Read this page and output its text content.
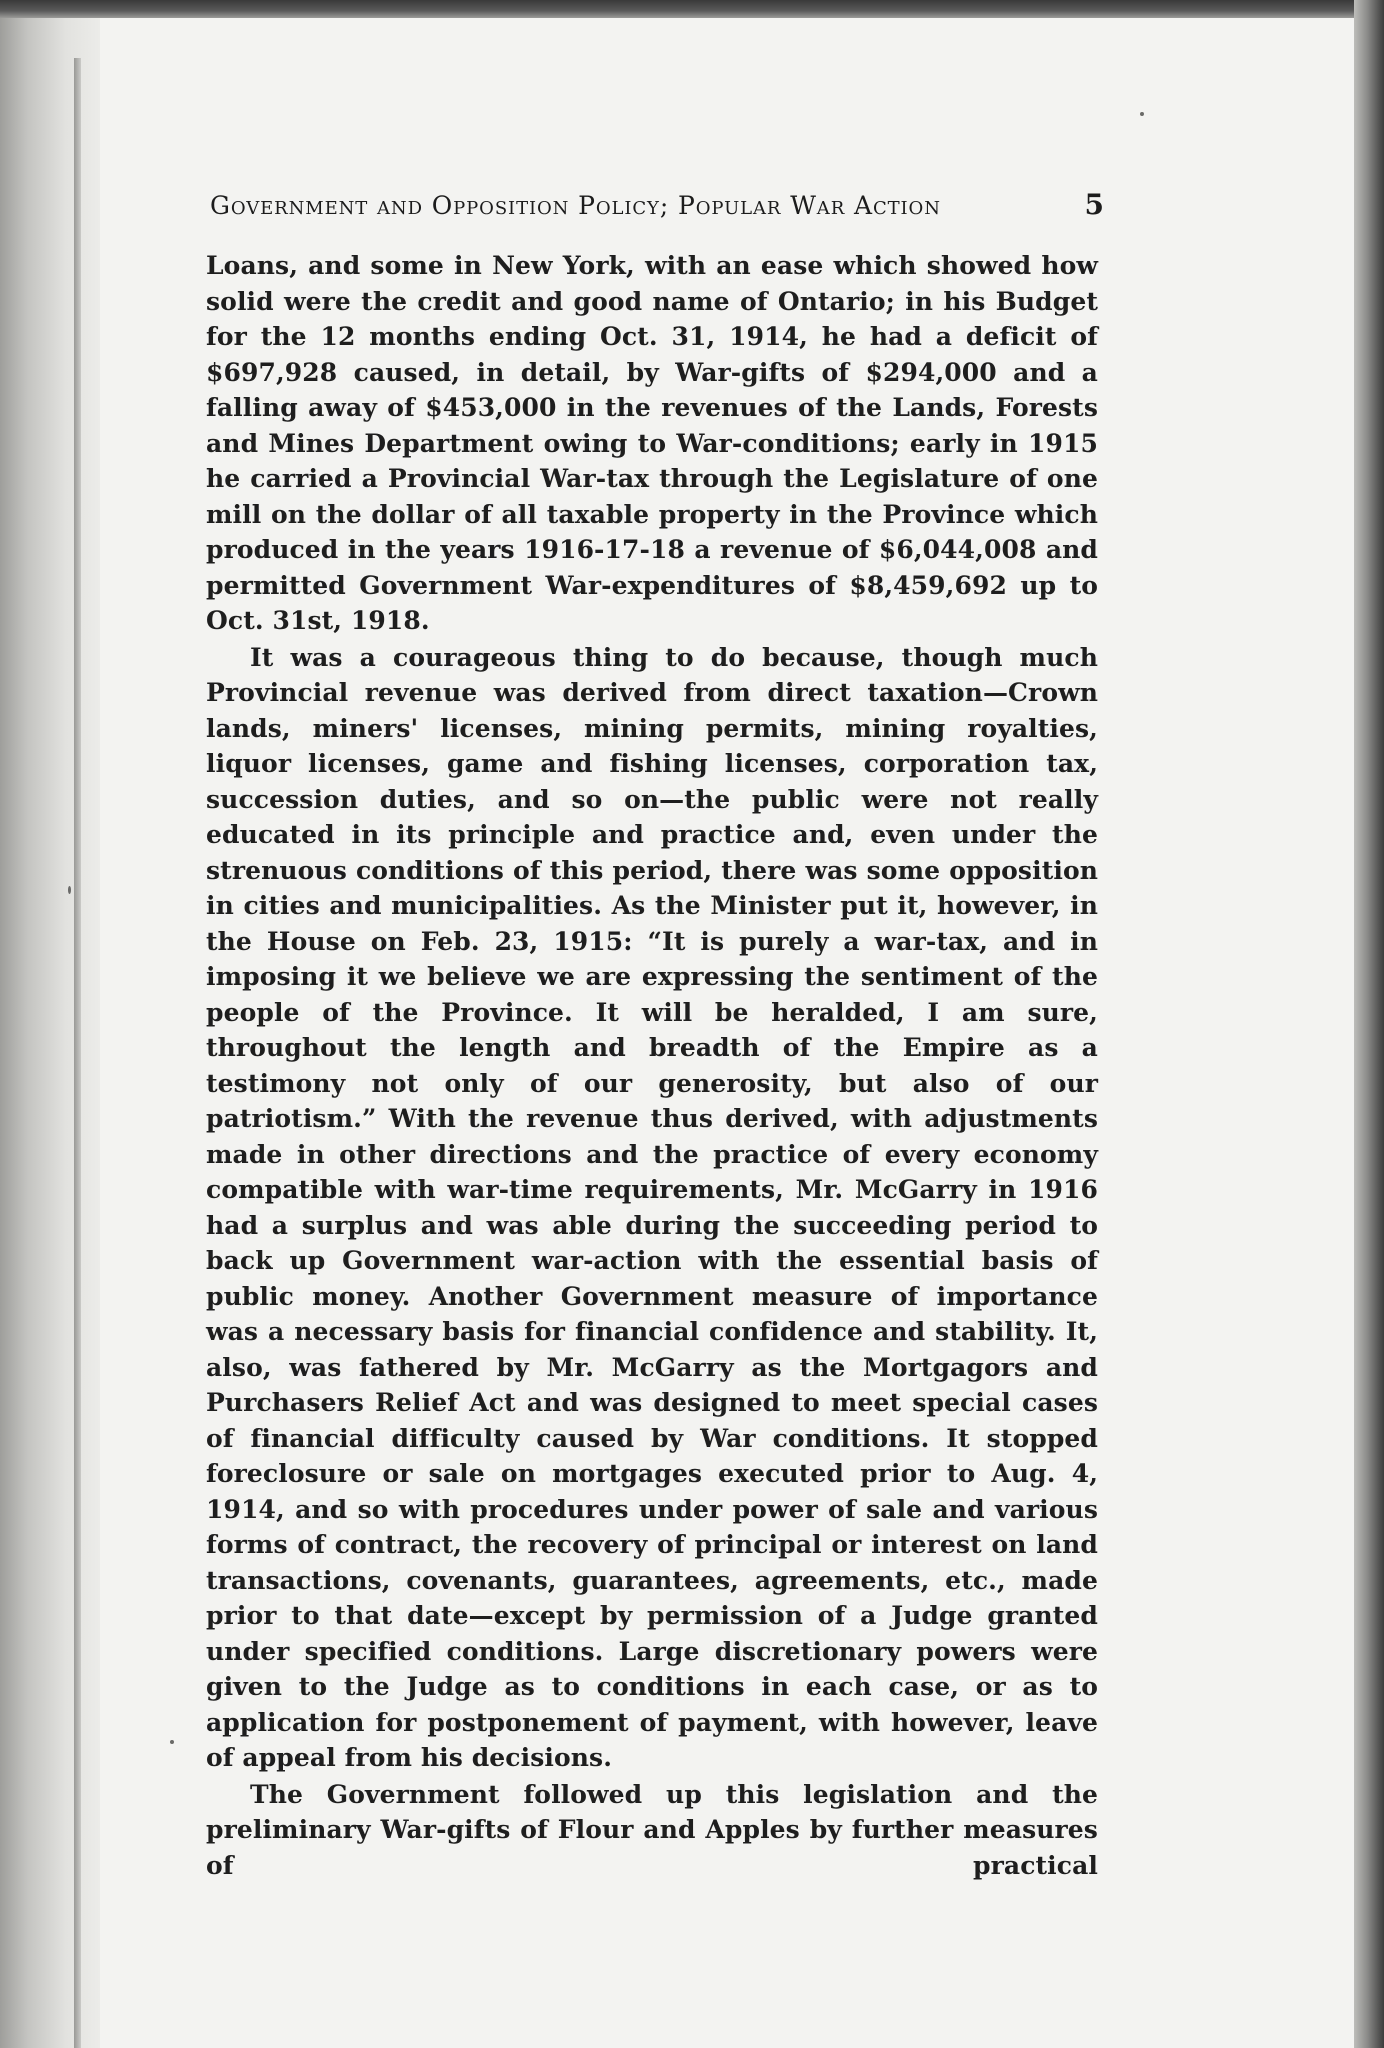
Government and Opposition Policy; Popular War Action	5

Loans, and some in New York, with an ease which showed how solid were the credit and good name of Ontario; in his Budget for the 12 months ending Oct. 31, 1914, he had a deficit of $697,928 caused, in detail, by War-gifts of $294,000 and a falling away of $453,000 in the revenues of the Lands, Forests and Mines Department owing to War-conditions; early in 1915 he carried a Provincial War-tax through the Legislature of one mill on the dollar of all taxable property in the Province which produced in the years 1916-17-18 a revenue of $6,044,008 and permitted Government War-expenditures of $8,459,692 up to Oct. 31st, 1918.

It was a courageous thing to do because, though much Provincial revenue was derived from direct taxation—Crown lands, miners' licenses, mining permits, mining royalties, liquor licenses, game and fishing licenses, corporation tax, succession duties, and so on—the public were not really educated in its principle and practice and, even under the strenuous conditions of this period, there was some opposition in cities and municipalities. As the Minister put it, however, in the House on Feb. 23, 1915: “It is purely a war-tax, and in imposing it we believe we are expressing the sentiment of the people of the Province. It will be heralded, I am sure, throughout the length and breadth of the Empire as a testimony not only of our generosity, but also of our patriotism.” With the revenue thus derived, with adjustments made in other directions and the practice of every economy compatible with war-time requirements, Mr. McGarry in 1916 had a surplus and was able during the succeeding period to back up Government war-action with the essential basis of public money. Another Government measure of importance was a necessary basis for financial confidence and stability. It, also, was fathered by Mr. McGarry as the Mortgagors and Purchasers Relief Act and was designed to meet special cases of financial difficulty caused by War conditions. It stopped foreclosure or sale on mortgages executed prior to Aug. 4, 1914, and so with procedures under power of sale and various forms of contract, the recovery of principal or interest on land transactions, covenants, guarantees, agreements, etc., made prior to that date—except by permission of a Judge granted under specified conditions. Large discretionary powers were given to the Judge as to conditions in each case, or as to application for postponement of payment, with however, leave of appeal from his decisions.

The Government followed up this legislation and the preliminary War-gifts of Flour and Apples by further measures of practical
